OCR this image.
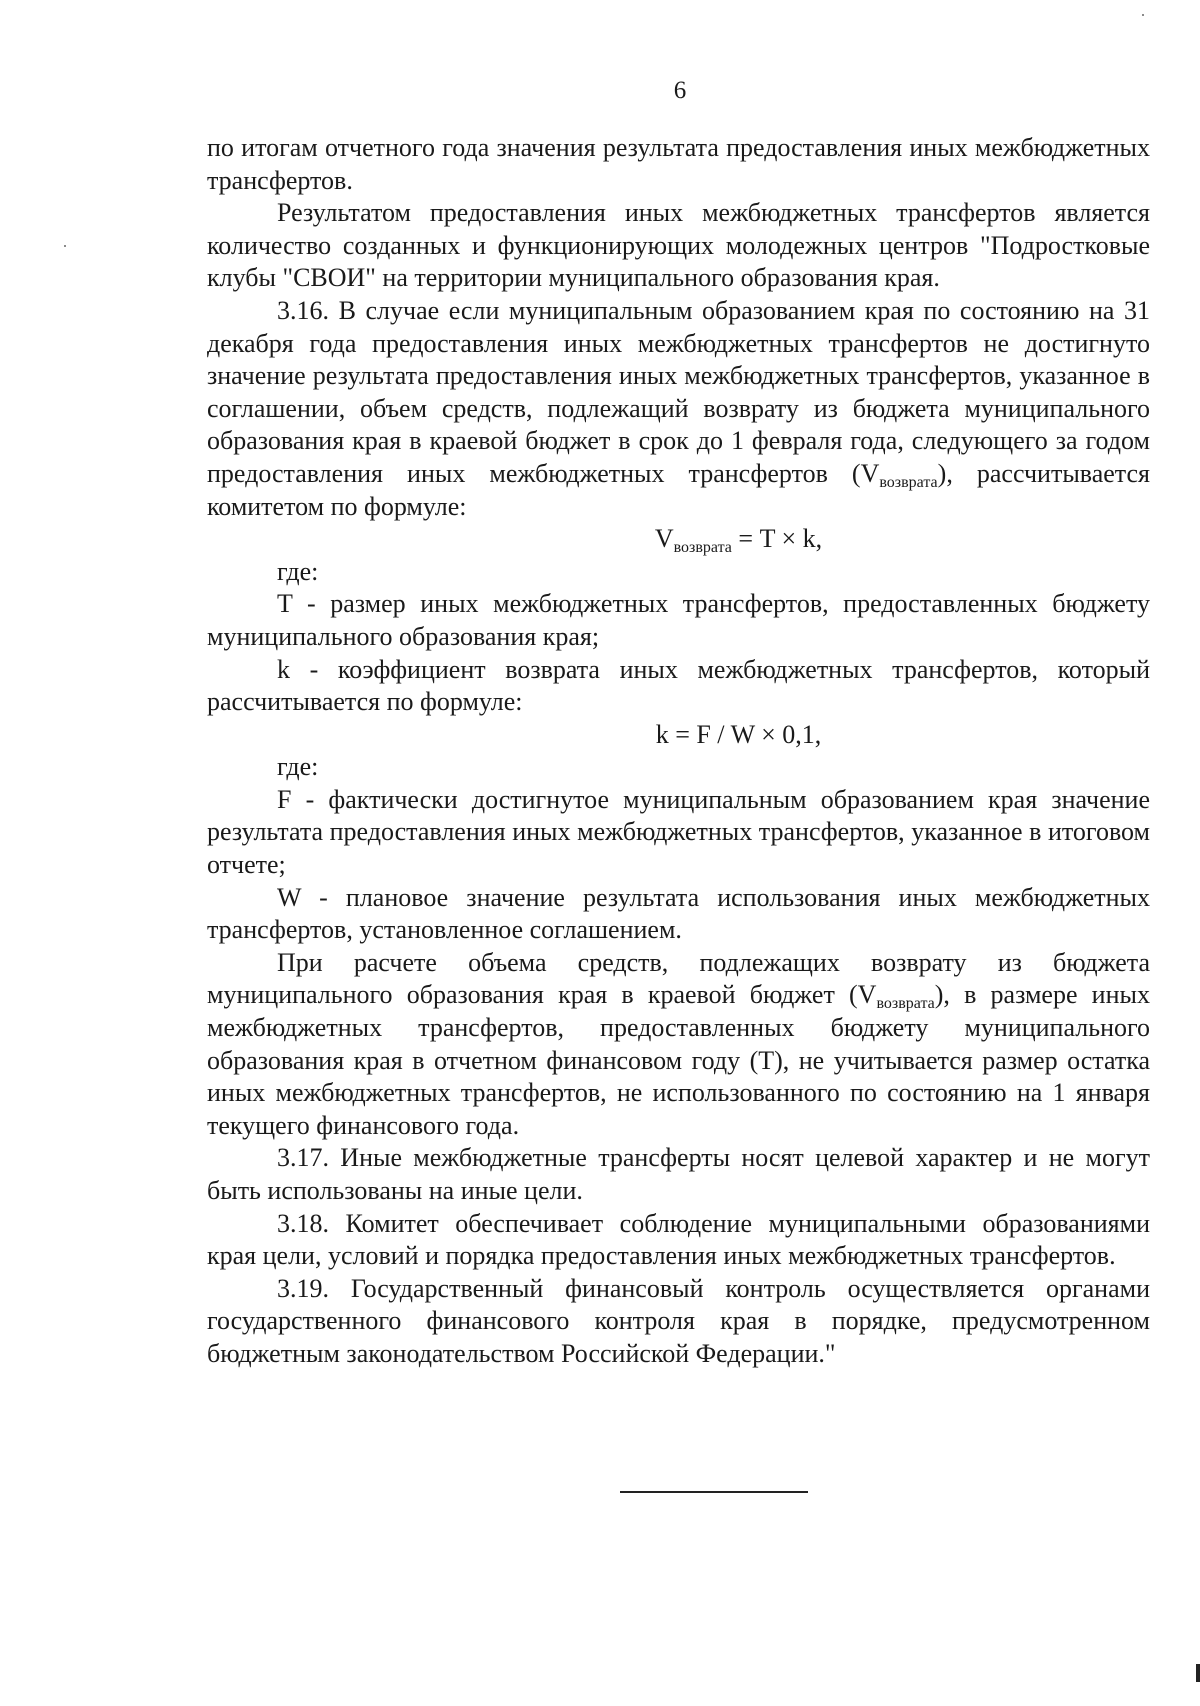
6

по итогам отчетного года значения результата предоставления иных межбюджетных трансфертов.

Результатом предоставления иных межбюджетных трансфертов является количество созданных и функционирующих молодежных центров "Подростковые клубы "СВОИ" на территории муниципального образования края.

3.16. В случае если муниципальным образованием края по состоянию на 31 декабря года предоставления иных межбюджетных трансфертов не достигнуто значение результата предоставления иных межбюджетных трансфертов, указанное в соглашении, объем средств, подлежащий возврату из бюджета муниципального образования края в краевой бюджет в срок до 1 февраля года, следующего за годом предоставления иных межбюджетных трансфертов (Vвозврата), рассчитывается комитетом по формуле:

$V_{возврата} = T \times k$,

где:

T - размер иных межбюджетных трансфертов, предоставленных бюджету муниципального образования края;

k - коэффициент возврата иных межбюджетных трансфертов, который рассчитывается по формуле:

k = F / W × 0,1,

где:

F - фактически достигнутое муниципальным образованием края значение результата предоставления иных межбюджетных трансфертов, указанное в итоговом отчете;

W - плановое значение результата использования иных межбюджетных трансфертов, установленное соглашением.

При расчете объема средств, подлежащих возврату из бюджета муниципального образования края в краевой бюджет (Vвозврата), в размере иных межбюджетных трансфертов, предоставленных бюджету муниципального образования края в отчетном финансовом году (T), не учитывается размер остатка иных межбюджетных трансфертов, не использованного по состоянию на 1 января текущего финансового года.

3.17. Иные межбюджетные трансферты носят целевой характер и не могут быть использованы на иные цели.

3.18. Комитет обеспечивает соблюдение муниципальными образованиями края цели, условий и порядка предоставления иных межбюджетных трансфертов.

3.19. Государственный финансовый контроль осуществляется органами государственного финансового контроля края в порядке, предусмотренном бюджетным законодательством Российской Федерации."
